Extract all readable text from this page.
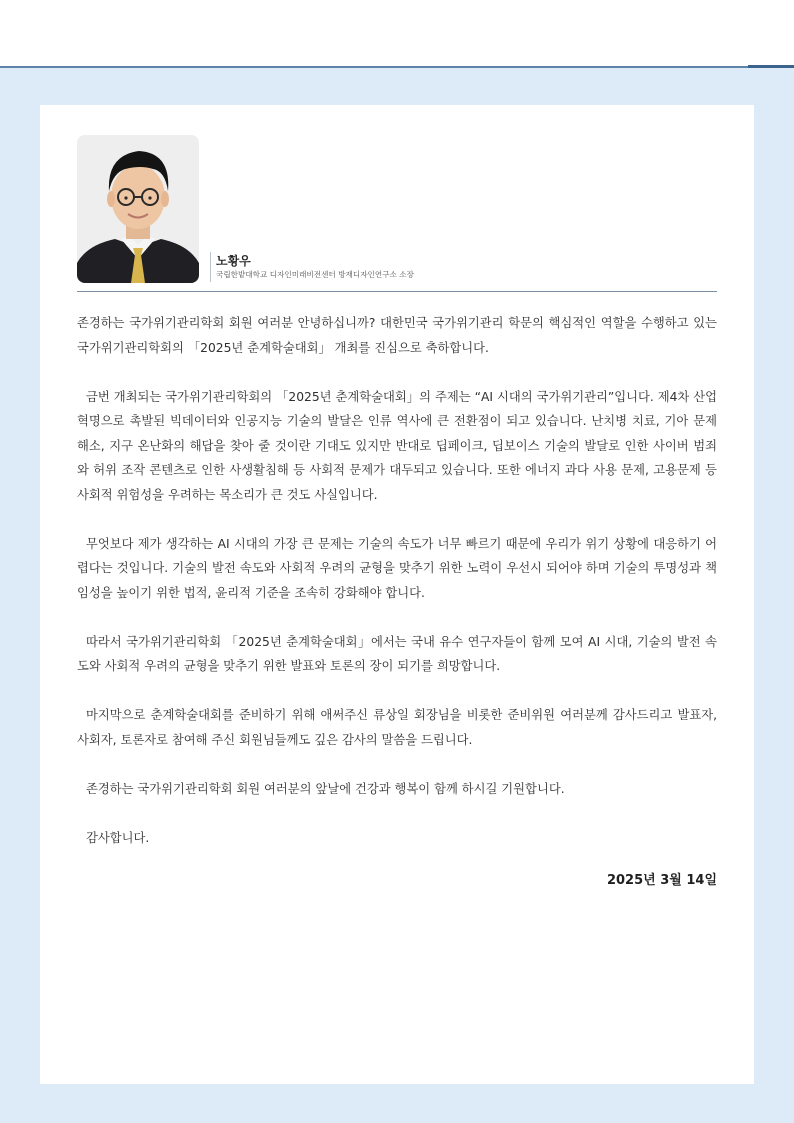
노황우
국립한밭대학교 디자인미래비전센터 방재디자인연구소 소장

존경하는 국가위기관리학회 회원 여러분 안녕하십니까? 대한민국 국가위기관리 학문의 핵심적인 역할을 수행하고 있는 국가위기관리학회의 「2025년 춘계학술대회」 개최를 진심으로 축하합니다.

금번 개최되는 국가위기관리학회의 「2025년 춘계학술대회」의 주제는 “AI 시대의 국가위기관리”입니다. 제4차 산업혁명으로 촉발된 빅데이터와 인공지능 기술의 발달은 인류 역사에 큰 전환점이 되고 있습니다. 난치병 치료, 기아 문제 해소, 지구 온난화의 해답을 찾아 줄 것이란 기대도 있지만 반대로 딥페이크, 딥보이스 기술의 발달로 인한 사이버 범죄와 허위 조작 콘텐츠로 인한 사생활침해 등 사회적 문제가 대두되고 있습니다. 또한 에너지 과다 사용 문제, 고용문제 등 사회적 위험성을 우려하는 목소리가 큰 것도 사실입니다.

무엇보다 제가 생각하는 AI 시대의 가장 큰 문제는 기술의 속도가 너무 빠르기 때문에 우리가 위기 상황에 대응하기 어렵다는 것입니다. 기술의 발전 속도와 사회적 우려의 균형을 맞추기 위한 노력이 우선시 되어야 하며 기술의 투명성과 책임성을 높이기 위한 법적, 윤리적 기준을 조속히 강화해야 합니다.

따라서 국가위기관리학회 「2025년 춘계학술대회」에서는 국내 유수 연구자들이 함께 모여 AI 시대, 기술의 발전 속도와 사회적 우려의 균형을 맞추기 위한 발표와 토론의 장이 되기를 희망합니다.

마지막으로 춘계학술대회를 준비하기 위해 애써주신 류상일 회장님을 비롯한 준비위원 여러분께 감사드리고 발표자, 사회자, 토론자로 참여해 주신 회원님들께도 깊은 감사의 말씀을 드립니다.

존경하는 국가위기관리학회 회원 여러분의 앞날에 건강과 행복이 함께 하시길 기원합니다.

감사합니다.

2025년 3월 14일
